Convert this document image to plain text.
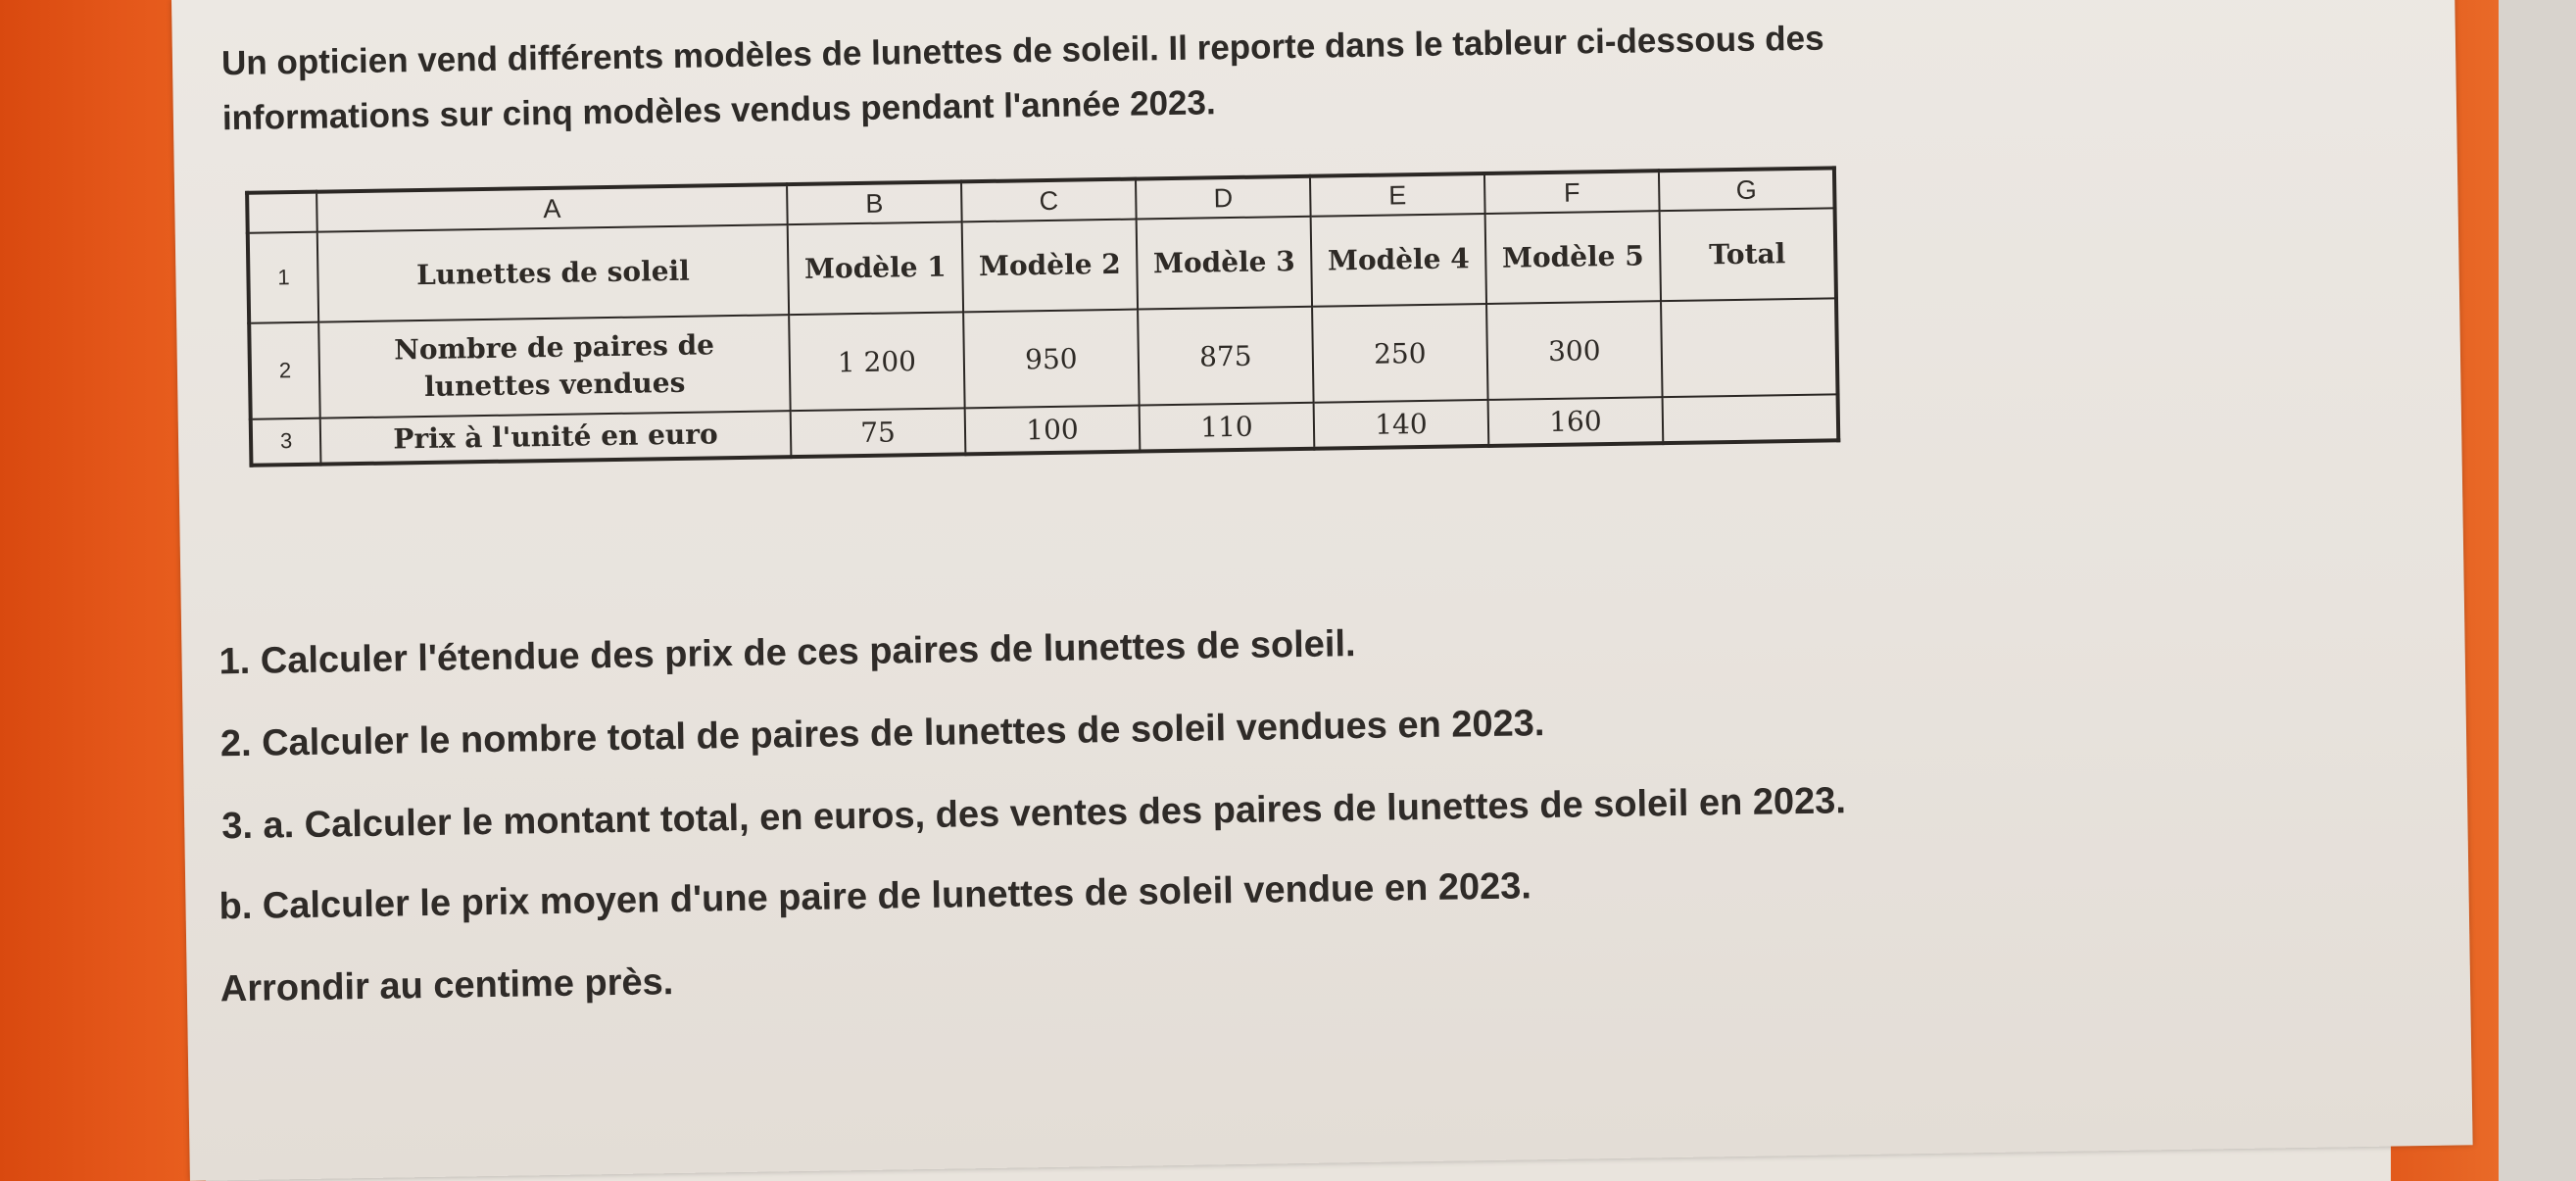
Un opticien vend différents modèles de lunettes de soleil. Il reporte dans le tableur ci-dessous des
informations sur cinq modèles vendus pendant l'année 2023.
	A	B	C	D	E	F	G
1	Lunettes de soleil	Modèle 1	Modèle 2	Modèle 3	Modèle 4	Modèle 5	Total
2	Nombre de paires de
lunettes vendues	1 200	950	875	250	300	
3	Prix à l'unité en euro	75	100	110	140	160	
1. Calculer l'étendue des prix de ces paires de lunettes de soleil.
2. Calculer le nombre total de paires de lunettes de soleil vendues en 2023.
3. a. Calculer le montant total, en euros, des ventes des paires de lunettes de soleil en 2023.
b. Calculer le prix moyen d'une paire de lunettes de soleil vendue en 2023.
Arrondir au centime près.
